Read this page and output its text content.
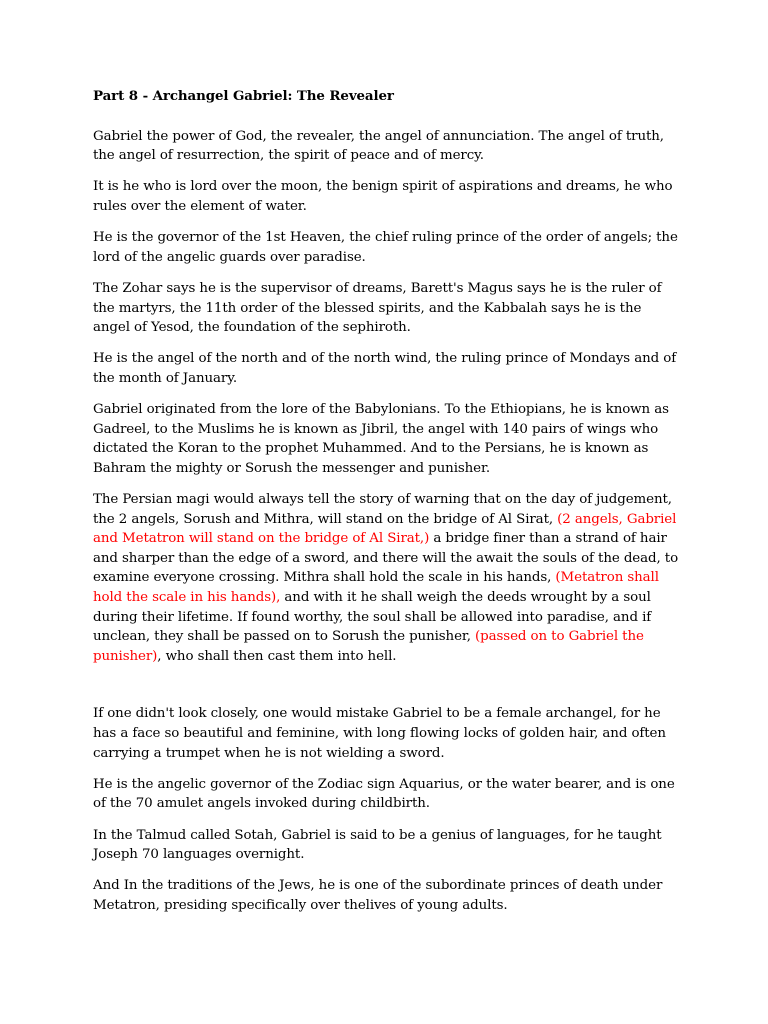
Part 8 - Archangel Gabriel: The Revealer

Gabriel the power of God, the revealer, the angel of annunciation. The angel of truth, the angel of resurrection, the spirit of peace and of mercy.

It is he who is lord over the moon, the benign spirit of aspirations and dreams, he who rules over the element of water.

He is the governor of the 1st Heaven, the chief ruling prince of the order of angels; the lord of the angelic guards over paradise.

The Zohar says he is the supervisor of dreams, Barett's Magus says he is the ruler of the martyrs, the 11th order of the blessed spirits, and the Kabbalah says he is the angel of Yesod, the foundation of the sephiroth.

He is the angel of the north and of the north wind, the ruling prince of Mondays and of the month of January.

Gabriel originated from the lore of the Babylonians. To the Ethiopians, he is known as Gadreel, to the Muslims he is known as Jibril, the angel with 140 pairs of wings who dictated the Koran to the prophet Muhammed. And to the Persians, he is known as Bahram the mighty or Sorush the messenger and punisher.

The Persian magi would always tell the story of warning that on the day of judgement, the 2 angels, Sorush and Mithra, will stand on the bridge of Al Sirat, (2 angels, Gabriel and Metatron will stand on the bridge of Al Sirat,) a bridge finer than a strand of hair and sharper than the edge of a sword, and there will the await the souls of the dead, to examine everyone crossing. Mithra shall hold the scale in his hands, (Metatron shall hold the scale in his hands), and with it he shall weigh the deeds wrought by a soul during their lifetime. If found worthy, the soul shall be allowed into paradise, and if unclean, they shall be passed on to Sorush the punisher, (passed on to Gabriel the punisher), who shall then cast them into hell.

If one didn't look closely, one would mistake Gabriel to be a female archangel, for he has a face so beautiful and feminine, with long flowing locks of golden hair, and often carrying a trumpet when he is not wielding a sword.

He is the angelic governor of the Zodiac sign Aquarius, or the water bearer, and is one of the 70 amulet angels invoked during childbirth.

In the Talmud called Sotah, Gabriel is said to be a genius of languages, for he taught Joseph 70 languages overnight.

And In the traditions of the Jews, he is one of the subordinate princes of death under Metatron, presiding specifically over thelives of young adults.
